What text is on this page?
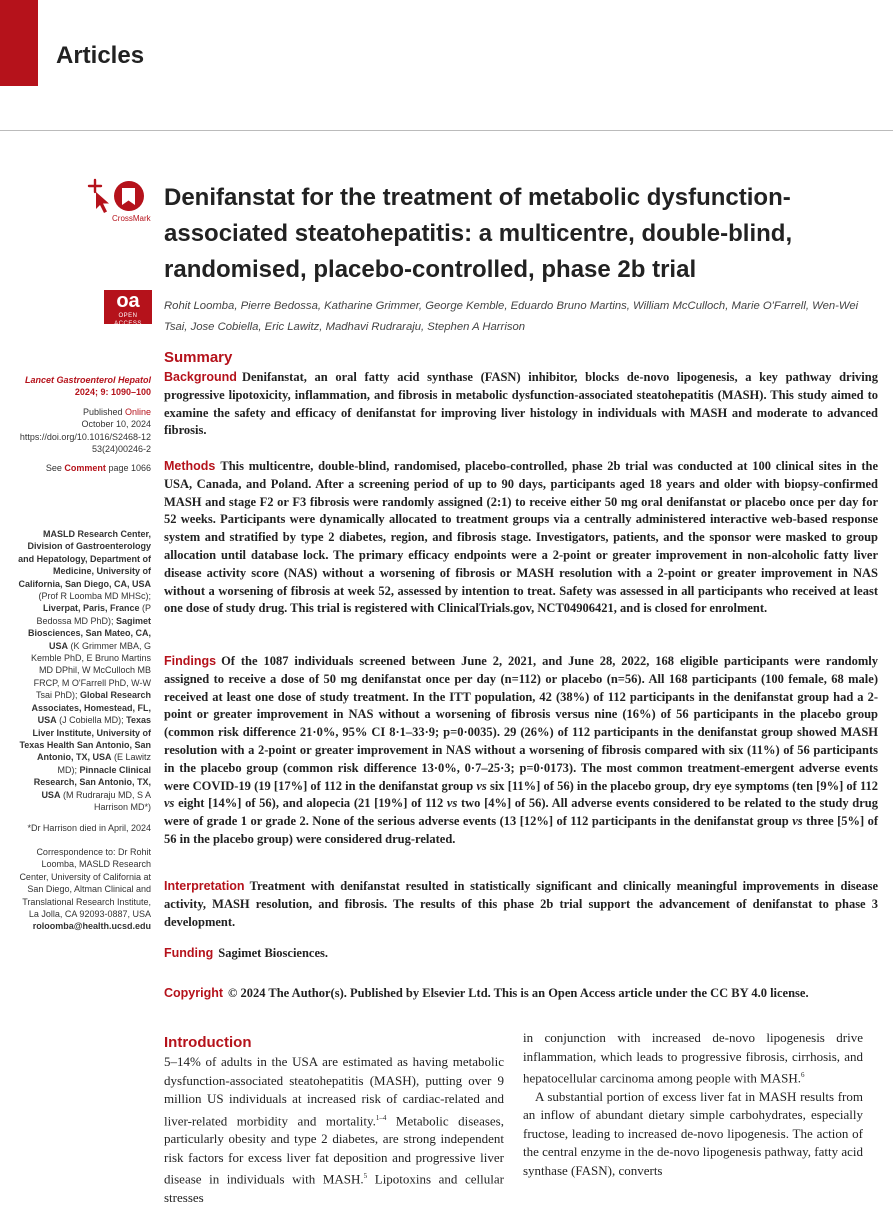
Articles
CrossMark
oa
OPEN ACCESS
Denifanstat for the treatment of metabolic dysfunction-associated steatohepatitis: a multicentre, double-blind, randomised, placebo-controlled, phase 2b trial
Rohit Loomba, Pierre Bedossa, Katharine Grimmer, George Kemble, Eduardo Bruno Martins, William McCulloch, Marie O'Farrell, Wen-Wei Tsai, Jose Cobiella, Eric Lawitz, Madhavi Rudraraju, Stephen A Harrison
Summary

Background Denifanstat, an oral fatty acid synthase (FASN) inhibitor, blocks de-novo lipogenesis, a key pathway driving progressive lipotoxicity, inflammation, and fibrosis in metabolic dysfunction-associated steatohepatitis (MASH). This study aimed to examine the safety and efficacy of denifanstat for improving liver histology in individuals with MASH and moderate to advanced fibrosis.

Methods This multicentre, double-blind, randomised, placebo-controlled, phase 2b trial was conducted at 100 clinical sites in the USA, Canada, and Poland. After a screening period of up to 90 days, participants aged 18 years and older with biopsy-confirmed MASH and stage F2 or F3 fibrosis were randomly assigned (2:1) to receive either 50 mg oral denifanstat or placebo once per day for 52 weeks. Participants were dynamically allocated to treatment groups via a centrally administered interactive web-based response system and stratified by type 2 diabetes, region, and fibrosis stage. Investigators, patients, and the sponsor were masked to group allocation until database lock. The primary efficacy endpoints were a 2-point or greater improvement in non-alcoholic fatty liver disease activity score (NAS) without a worsening of fibrosis or MASH resolution with a 2-point or greater improvement in NAS without a worsening of fibrosis at week 52, assessed by intention to treat. Safety was assessed in all participants who received at least one dose of study drug. This trial is registered with ClinicalTrials.gov, NCT04906421, and is closed for enrolment.

Findings Of the 1087 individuals screened between June 2, 2021, and June 28, 2022, 168 eligible participants were randomly assigned to receive a dose of 50 mg denifanstat once per day (n=112) or placebo (n=56). All 168 participants (100 female, 68 male) received at least one dose of study treatment. In the ITT population, 42 (38%) of 112 participants in the denifanstat group had a 2-point or greater improvement in NAS without a worsening of fibrosis versus nine (16%) of 56 participants in the placebo group (common risk difference 21·0%, 95% CI 8·1–33·9; p=0·0035). 29 (26%) of 112 participants in the denifanstat group showed MASH resolution with a 2-point or greater improvement in NAS without a worsening of fibrosis compared with six (11%) of 56 participants in the placebo group (common risk difference 13·0%, 0·7–25·3; p=0·0173). The most common treatment-emergent adverse events were COVID-19 (19 [17%] of 112 in the denifanstat group vs six [11%] of 56) in the placebo group, dry eye symptoms (ten [9%] of 112 vs eight [14%] of 56), and alopecia (21 [19%] of 112 vs two [4%] of 56). All adverse events considered to be related to the study drug were of grade 1 or grade 2. None of the serious adverse events (13 [12%] of 112 participants in the denifanstat group vs three [5%] of 56 in the placebo group) were considered drug-related.

Interpretation Treatment with denifanstat resulted in statistically significant and clinically meaningful improvements in disease activity, MASH resolution, and fibrosis. The results of this phase 2b trial support the advancement of denifanstat to phase 3 development.

Funding Sagimet Biosciences.

Copyright © 2024 The Author(s). Published by Elsevier Ltd. This is an Open Access article under the CC BY 4.0 license.

Lancet Gastroenterol Hepatol
2024; 9: 1090–100
Published Online
October 10, 2024
https://doi.org/10.1016/S2468-1253(24)00246-2
See Comment page 1066
MASLD Research Center, Division of Gastroenterology and Hepatology, Department of Medicine, University of California, San Diego, CA, USA (Prof R Loomba MD MHSc); Liverpat, Paris, France (P Bedossa MD PhD); Sagimet Biosciences, San Mateo, CA, USA (K Grimmer MBA, G Kemble PhD, E Bruno Martins MD DPhil, W McCulloch MB FRCP, M O'Farrell PhD, W-W Tsai PhD); Global Research Associates, Homestead, FL, USA (J Cobiella MD); Texas Liver Institute, University of Texas Health San Antonio, San Antonio, TX, USA (E Lawitz MD); Pinnacle Clinical Research, San Antonio, TX, USA (M Rudraraju MD, S A Harrison MD*)
*Dr Harrison died in April, 2024
Correspondence to: Dr Rohit Loomba, MASLD Research Center, University of California at San Diego, Altman Clinical and Translational Research Institute, La Jolla, CA 92093-0887, USA
roloomba@health.ucsd.edu
Introduction

5–14% of adults in the USA are estimated as having metabolic dysfunction-associated steatohepatitis (MASH), putting over 9 million US individuals at increased risk of cardiac-related and liver-related morbidity and mortality.$^{1-4}$ Metabolic diseases, particularly obesity and type 2 diabetes, are strong independent risk factors for excess liver fat deposition and progressive liver disease in individuals with MASH.$^5$ Lipotoxins and cellular stresses

in conjunction with increased de-novo lipogenesis drive inflammation, which leads to progressive fibrosis, cirrhosis, and hepatocellular carcinoma among people with MASH.$^6$

A substantial portion of excess liver fat in MASH results from an inflow of abundant dietary simple carbohydrates, especially fructose, leading to increased de-novo lipogenesis. The action of the central enzyme in the de-novo lipogenesis pathway, fatty acid synthase (FASN), converts
